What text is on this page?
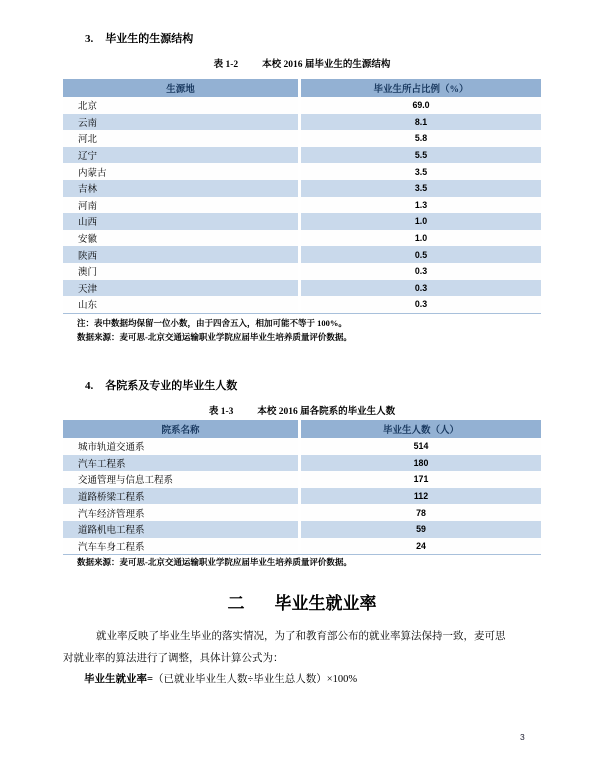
3. 毕业生的生源结构
表 1-2	本校 2016 届毕业生的生源结构
生源地	毕业生所占比例（%）
北京	69.0
云南	8.1
河北	5.8
辽宁	5.5
内蒙古	3.5
吉林	3.5
河南	1.3
山西	1.0
安徽	1.0
陕西	0.5
澳门	0.3
天津	0.3
山东	0.3
注：表中数据均保留一位小数，由于四舍五入，相加可能不等于 100%。
数据来源：麦可思-北京交通运输职业学院应届毕业生培养质量评价数据。
4. 各院系及专业的毕业生人数
表 1-3	本校 2016 届各院系的毕业生人数
院系名称	毕业生人数（人）
城市轨道交通系	514
汽车工程系	180
交通管理与信息工程系	171
道路桥梁工程系	112
汽车经济管理系	78
道路机电工程系	59
汽车车身工程系	24
数据来源：麦可思-北京交通运输职业学院应届毕业生培养质量评价数据。
二 毕业生就业率
就业率反映了毕业生毕业的落实情况，为了和教育部公布的就业率算法保持一致，麦可思
对就业率的算法进行了调整，具体计算公式为：
毕业生就业率=（已就业毕业生人数÷毕业生总人数）×100%
3
